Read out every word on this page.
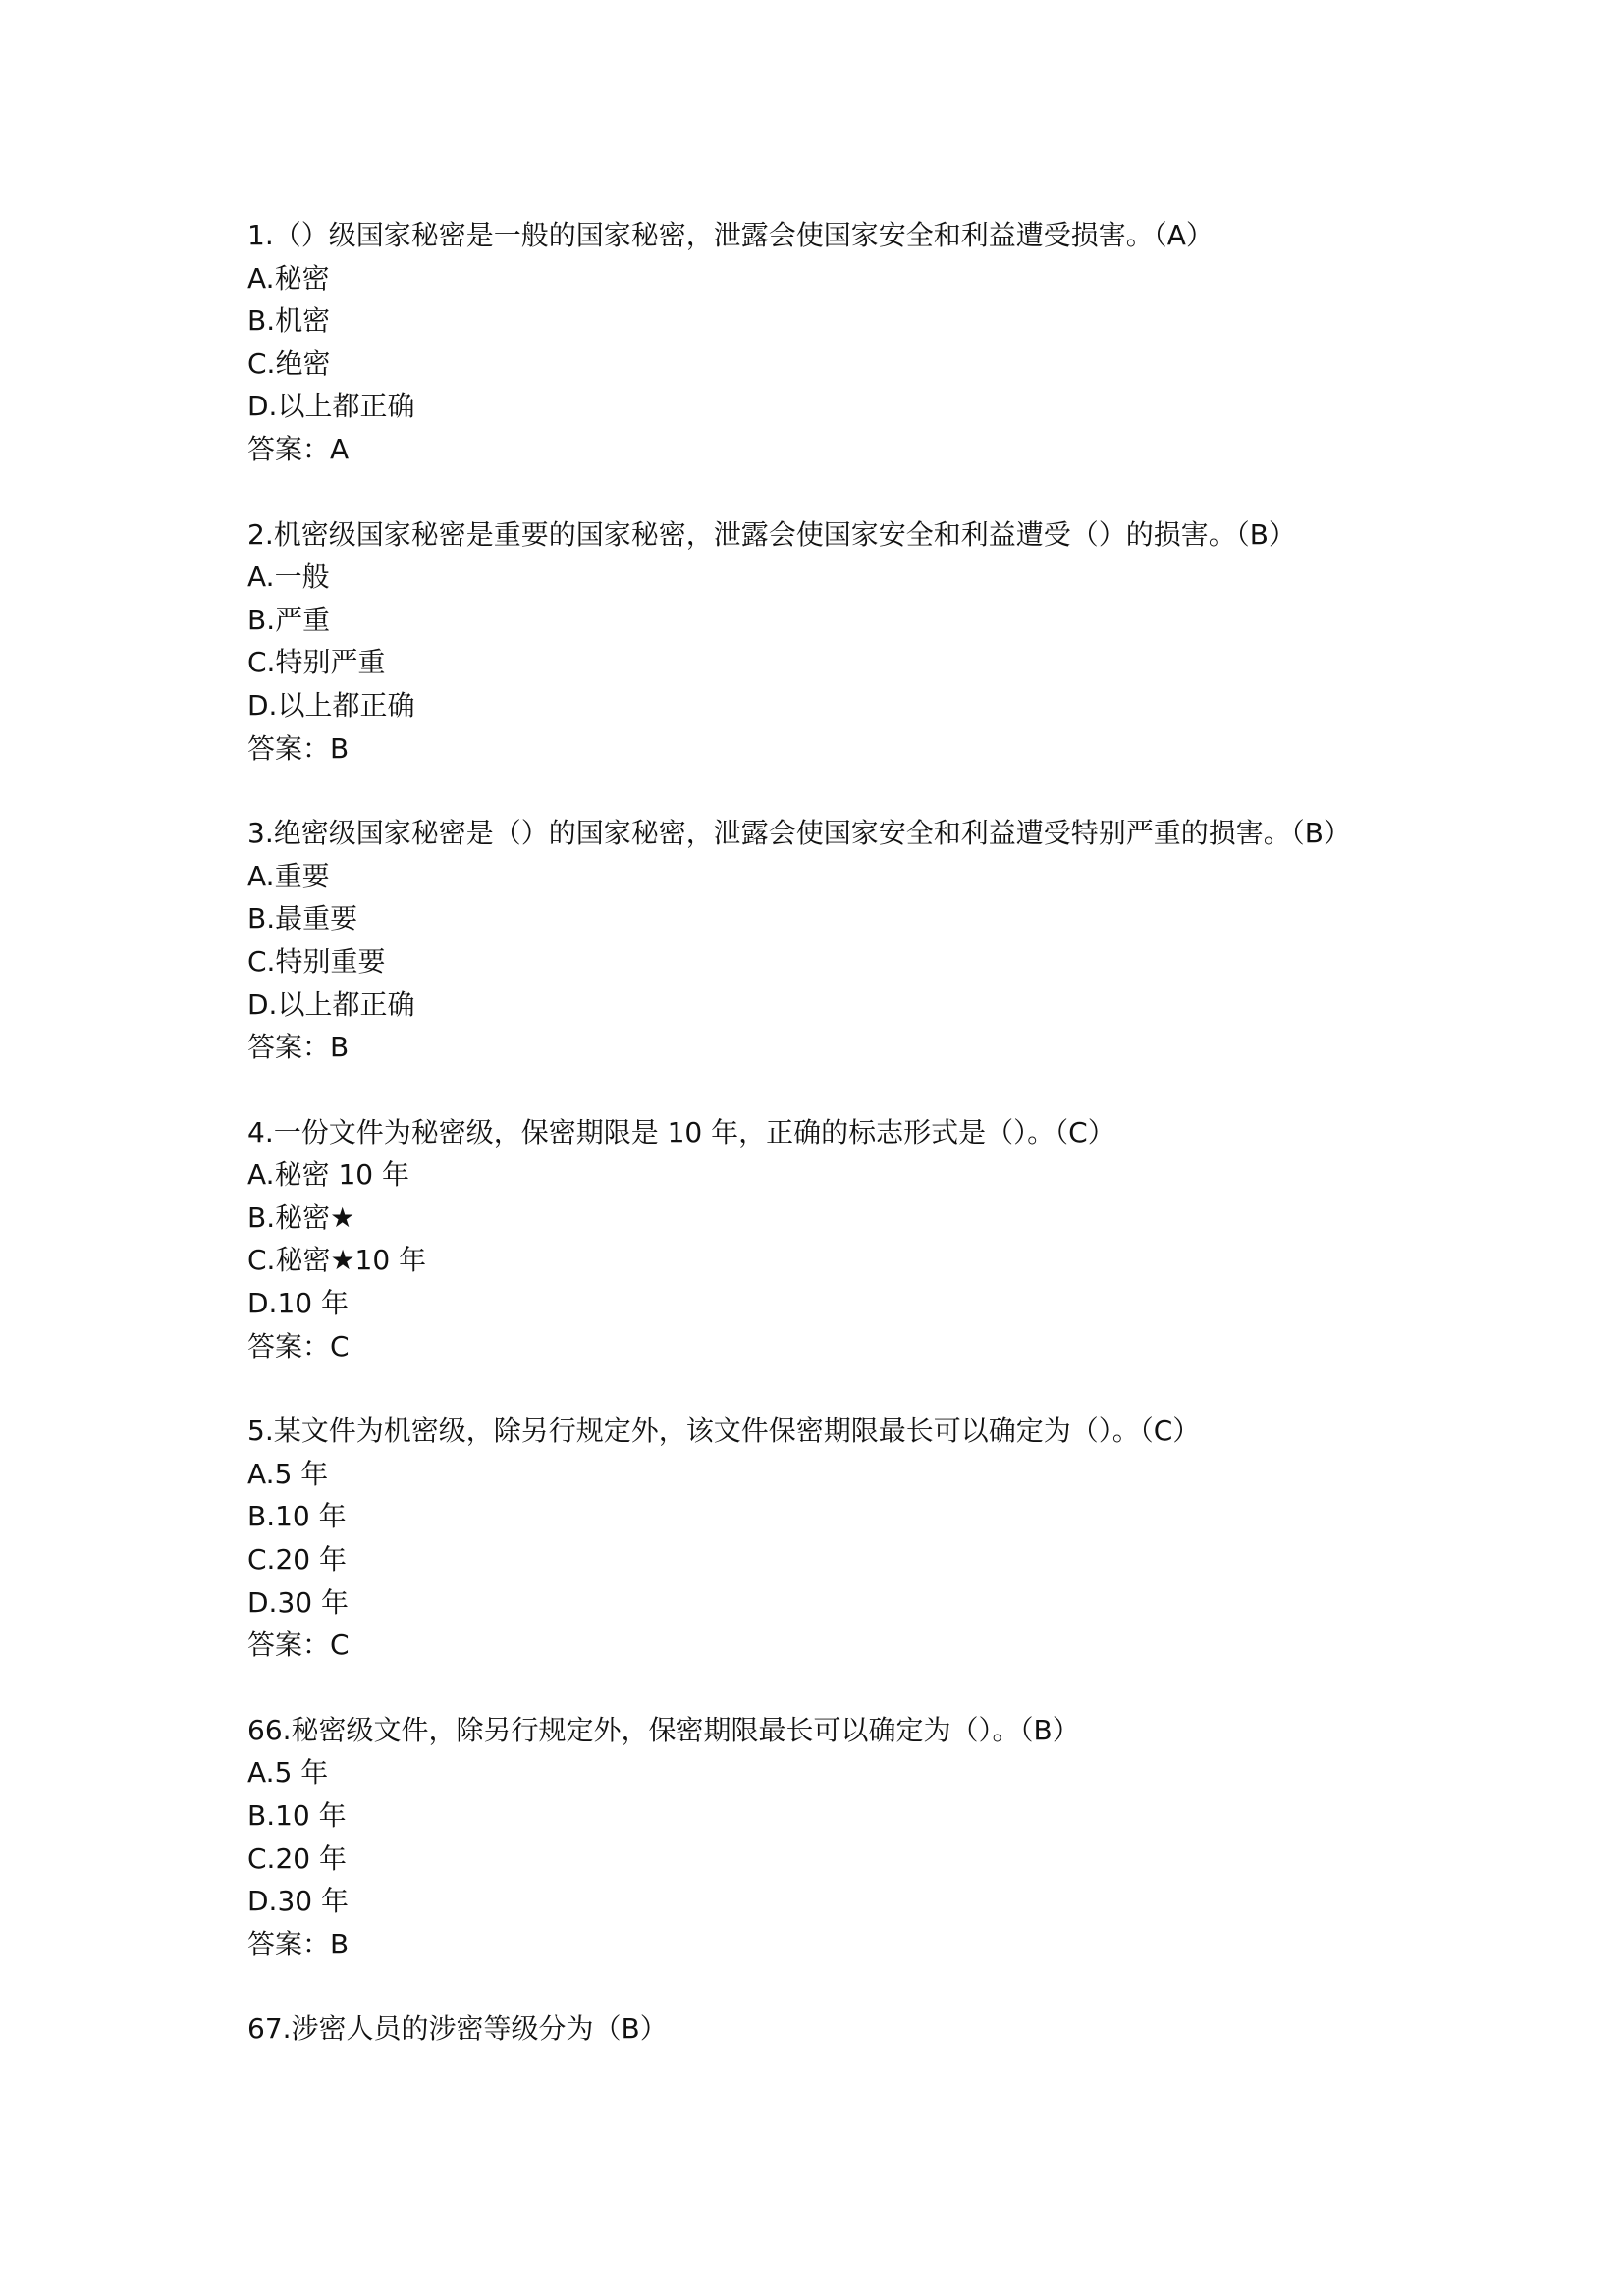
1.（）级国家秘密是一般的国家秘密，泄露会使国家安全和利益遭受损害。（A）
A.秘密
B.机密
C.绝密
D.以上都正确
答案：A
2.机密级国家秘密是重要的国家秘密，泄露会使国家安全和利益遭受（）的损害。（B）
A.一般
B.严重
C.特别严重
D.以上都正确
答案：B
3.绝密级国家秘密是（）的国家秘密，泄露会使国家安全和利益遭受特别严重的损害。（B）
A.重要
B.最重要
C.特别重要
D.以上都正确
答案：B
4.一份文件为秘密级，保密期限是 10 年，正确的标志形式是（）。（C）
A.秘密 10 年
B.秘密★
C.秘密★10 年
D.10 年
答案：C
5.某文件为机密级，除另行规定外，该文件保密期限最长可以确定为（）。（C）
A.5 年
B.10 年
C.20 年
D.30 年
答案：C
66.秘密级文件，除另行规定外，保密期限最长可以确定为（）。（B）
A.5 年
B.10 年
C.20 年
D.30 年
答案：B
67.涉密人员的涉密等级分为（B）
